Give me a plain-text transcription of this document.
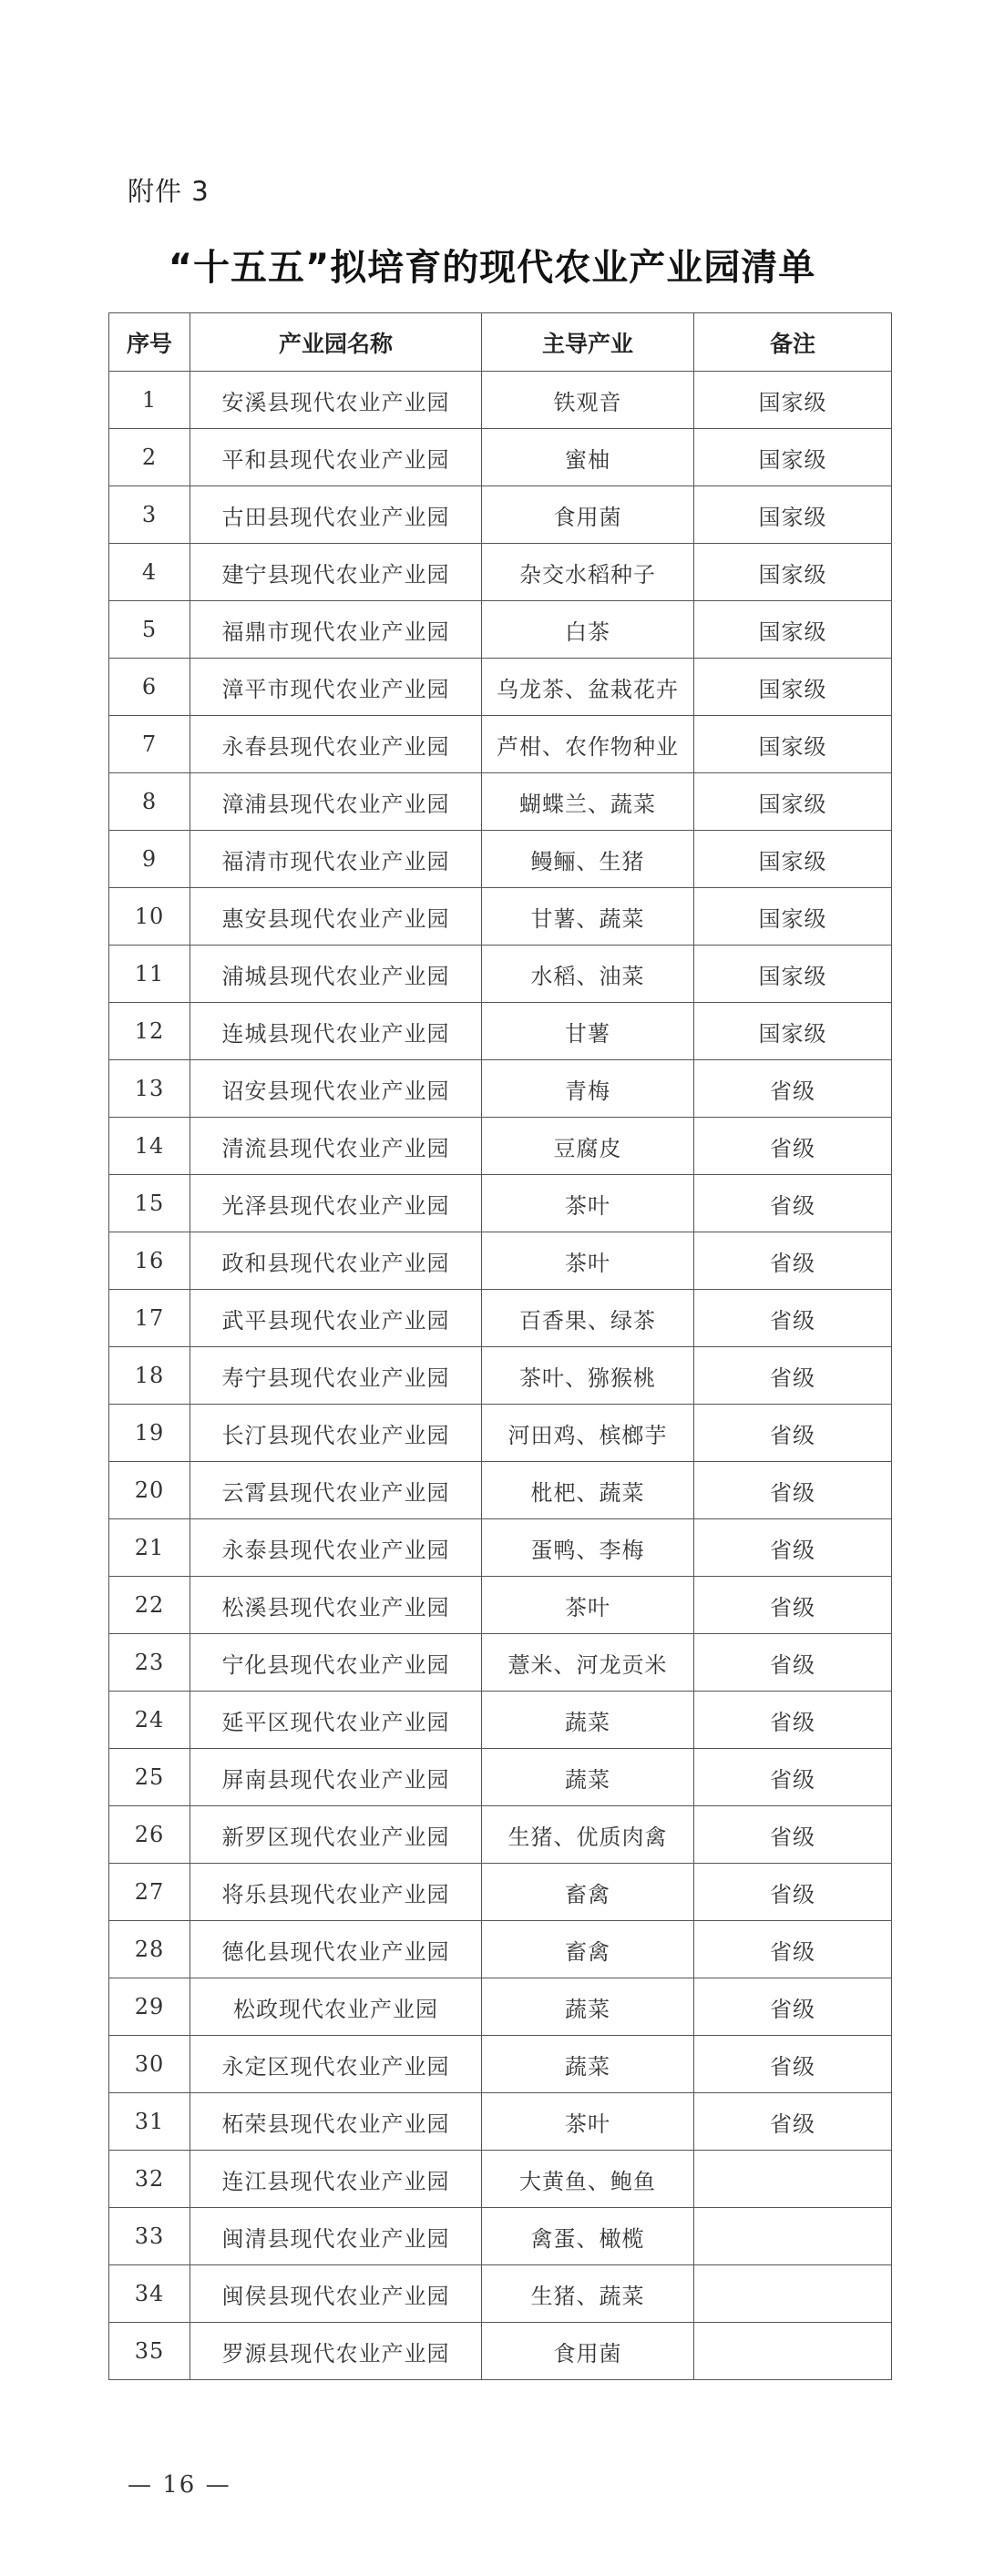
附件 3
“十五五”拟培育的现代农业产业园清单
序号	产业园名称	主导产业	备注
1	安溪县现代农业产业园	铁观音	国家级
2	平和县现代农业产业园	蜜柚	国家级
3	古田县现代农业产业园	食用菌	国家级
4	建宁县现代农业产业园	杂交水稻种子	国家级
5	福鼎市现代农业产业园	白茶	国家级
6	漳平市现代农业产业园	乌龙茶、盆栽花卉	国家级
7	永春县现代农业产业园	芦柑、农作物种业	国家级
8	漳浦县现代农业产业园	蝴蝶兰、蔬菜	国家级
9	福清市现代农业产业园	鳗鲡、生猪	国家级
10	惠安县现代农业产业园	甘薯、蔬菜	国家级
11	浦城县现代农业产业园	水稻、油菜	国家级
12	连城县现代农业产业园	甘薯	国家级
13	诏安县现代农业产业园	青梅	省级
14	清流县现代农业产业园	豆腐皮	省级
15	光泽县现代农业产业园	茶叶	省级
16	政和县现代农业产业园	茶叶	省级
17	武平县现代农业产业园	百香果、绿茶	省级
18	寿宁县现代农业产业园	茶叶、猕猴桃	省级
19	长汀县现代农业产业园	河田鸡、槟榔芋	省级
20	云霄县现代农业产业园	枇杷、蔬菜	省级
21	永泰县现代农业产业园	蛋鸭、李梅	省级
22	松溪县现代农业产业园	茶叶	省级
23	宁化县现代农业产业园	薏米、河龙贡米	省级
24	延平区现代农业产业园	蔬菜	省级
25	屏南县现代农业产业园	蔬菜	省级
26	新罗区现代农业产业园	生猪、优质肉禽	省级
27	将乐县现代农业产业园	畜禽	省级
28	德化县现代农业产业园	畜禽	省级
29	松政现代农业产业园	蔬菜	省级
30	永定区现代农业产业园	蔬菜	省级
31	柘荣县现代农业产业园	茶叶	省级
32	连江县现代农业产业园	大黄鱼、鲍鱼	
33	闽清县现代农业产业园	禽蛋、橄榄	
34	闽侯县现代农业产业园	生猪、蔬菜	
35	罗源县现代农业产业园	食用菌	
— 16 —
